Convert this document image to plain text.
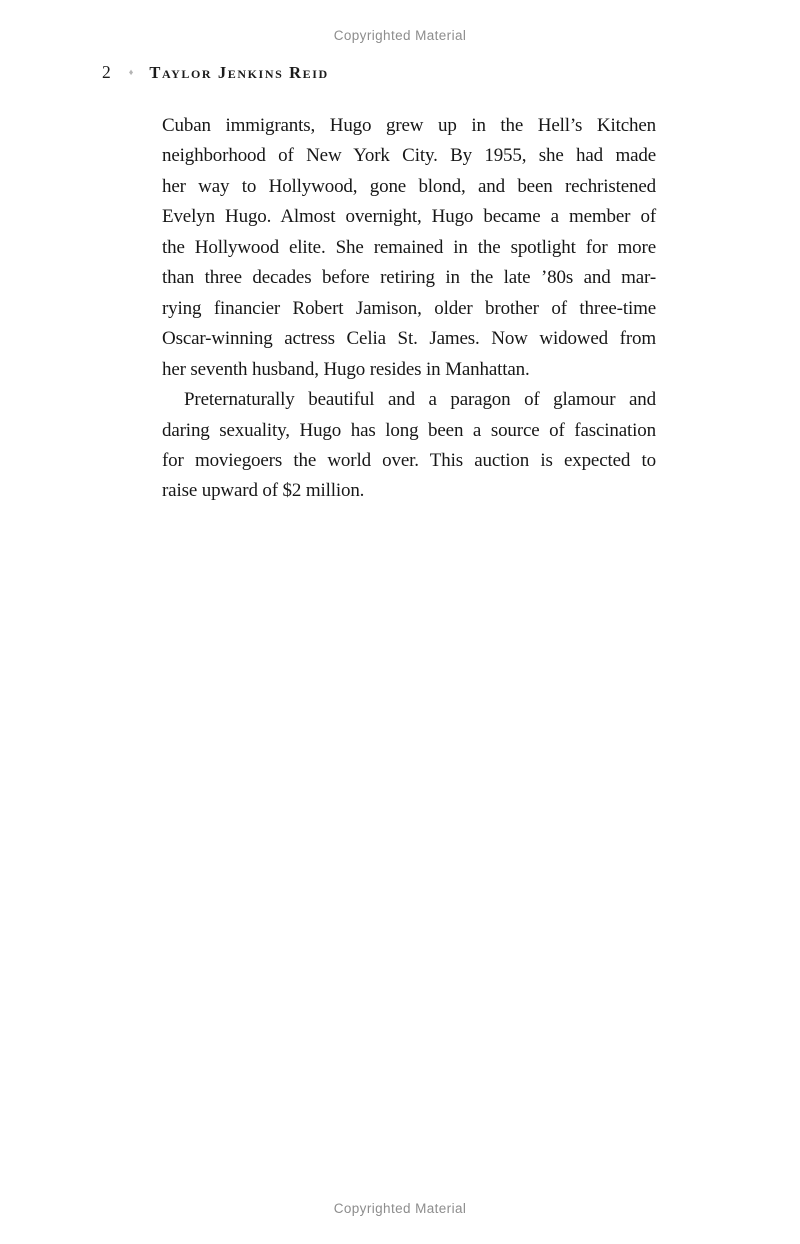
Copyrighted Material
2 ♦ Taylor Jenkins Reid
Cuban immigrants, Hugo grew up in the Hell’s Kitchen
neighborhood of New York City. By 1955, she had made
her way to Hollywood, gone blond, and been rechristened
Evelyn Hugo. Almost overnight, Hugo became a member of
the Hollywood elite. She remained in the spotlight for more
than three decades before retiring in the late ’80s and mar-
rying financier Robert Jamison, older brother of three-time
Oscar-winning actress Celia St. James. Now widowed from
her seventh husband, Hugo resides in Manhattan.
Preternaturally beautiful and a paragon of glamour and
daring sexuality, Hugo has long been a source of fascination
for moviegoers the world over. This auction is expected to
raise upward of $2 million.
Copyrighted Material
